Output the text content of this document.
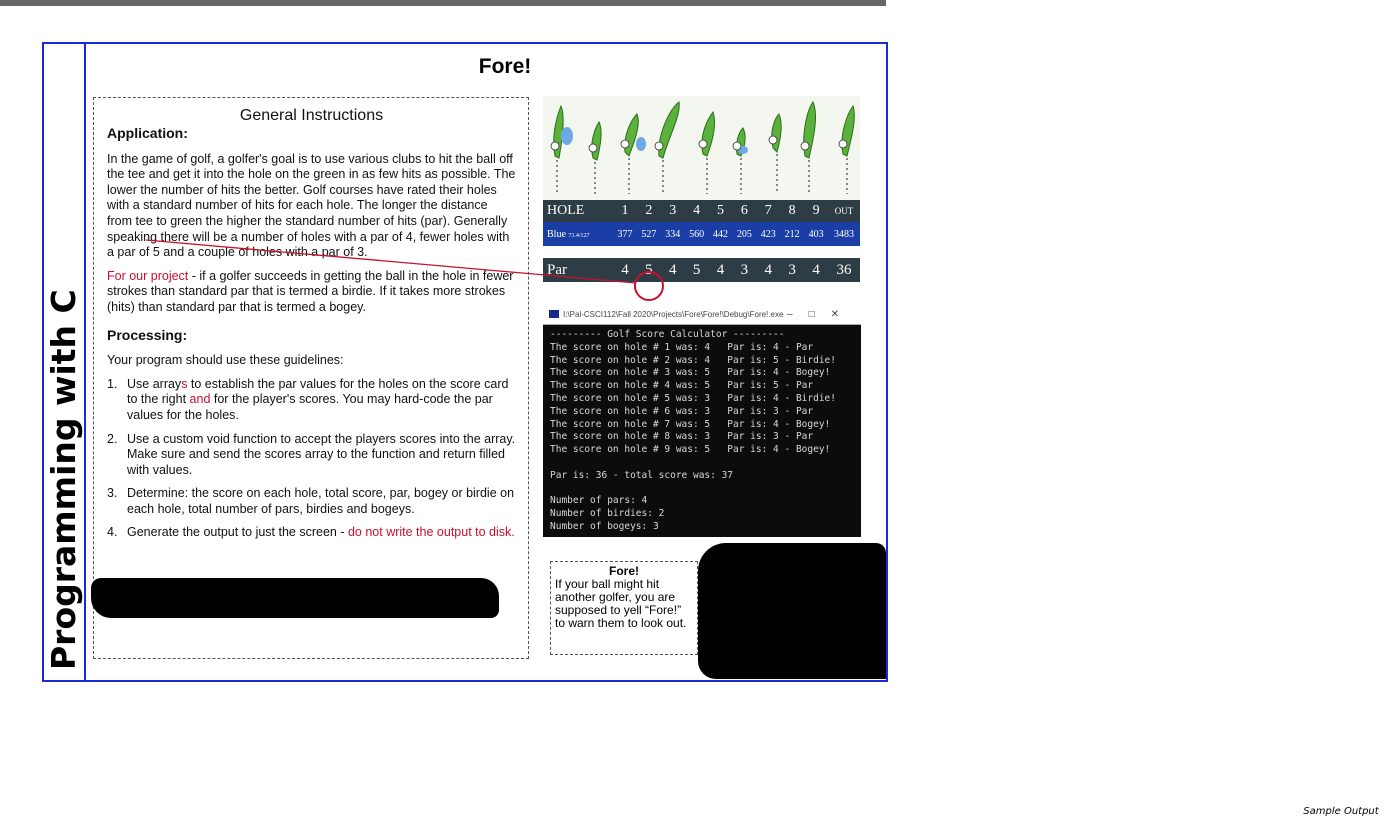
Programming with C
Fore!
General Instructions
Application:

In the game of golf, a golfer's goal is to use various clubs to hit the ball off the tee and get it into the hole on the green in as few hits as possible. The lower the number of hits the better. Golf courses have rated their holes with a standard number of hits for each hole. The longer the distance from tee to green the higher the standard number of hits (par). Generally speaking there will be a number of holes with a par of 4, fewer holes with a par of 5 and a couple of holes with a par of 3.

For our project - if a golfer succeeds in getting the ball in the hole in fewer strokes than standard par that is termed a birdie. If it takes more strokes (hits) than standard par that is termed a bogey.

Processing:

Your program should use these guidelines:

1. Use arrays to establish the par values for the holes on the score card to the right and for the player's scores. You may hard-code the par values for the holes.
2. Use a custom void function to accept the players scores into the array. Make sure and send the scores array to the function and return filled with values.
3. Determine: the score on each hole, total score, par, bogey or birdie on each hole, total number of pars, birdies and bogeys.
4. Generate the output to just the screen - do not write the output to disk.
HOLE	1	2	3	4	5	6	7	8	9	OUT
Blue 73.4/127	377	527	334	560	442	205	423	212	403	3483

Par	4	5	4	5	4	3	4	3	4	36
I:\Pal-CSCI112\Fall 2020\Projects\Fore\Fore!\Debug\Fore!.exe –□✕
--------- Golf Score Calculator ---------
The score on hole # 1 was: 4   Par is: 4 - Par
The score on hole # 2 was: 4   Par is: 5 - Birdie!
The score on hole # 3 was: 5   Par is: 4 - Bogey!
The score on hole # 4 was: 5   Par is: 5 - Par
The score on hole # 5 was: 3   Par is: 4 - Birdie!
The score on hole # 6 was: 3   Par is: 3 - Par
The score on hole # 7 was: 5   Par is: 4 - Bogey!
The score on hole # 8 was: 3   Par is: 3 - Par
The score on hole # 9 was: 5   Par is: 4 - Bogey!
Par is: 36 - total score was: 37
Number of pars: 4
Number of birdies: 2
Number of bogeys: 3
Sample Output
Fore!
If your ball might hit another golfer, you are supposed to yell “Fore!” to warn them to look out.
